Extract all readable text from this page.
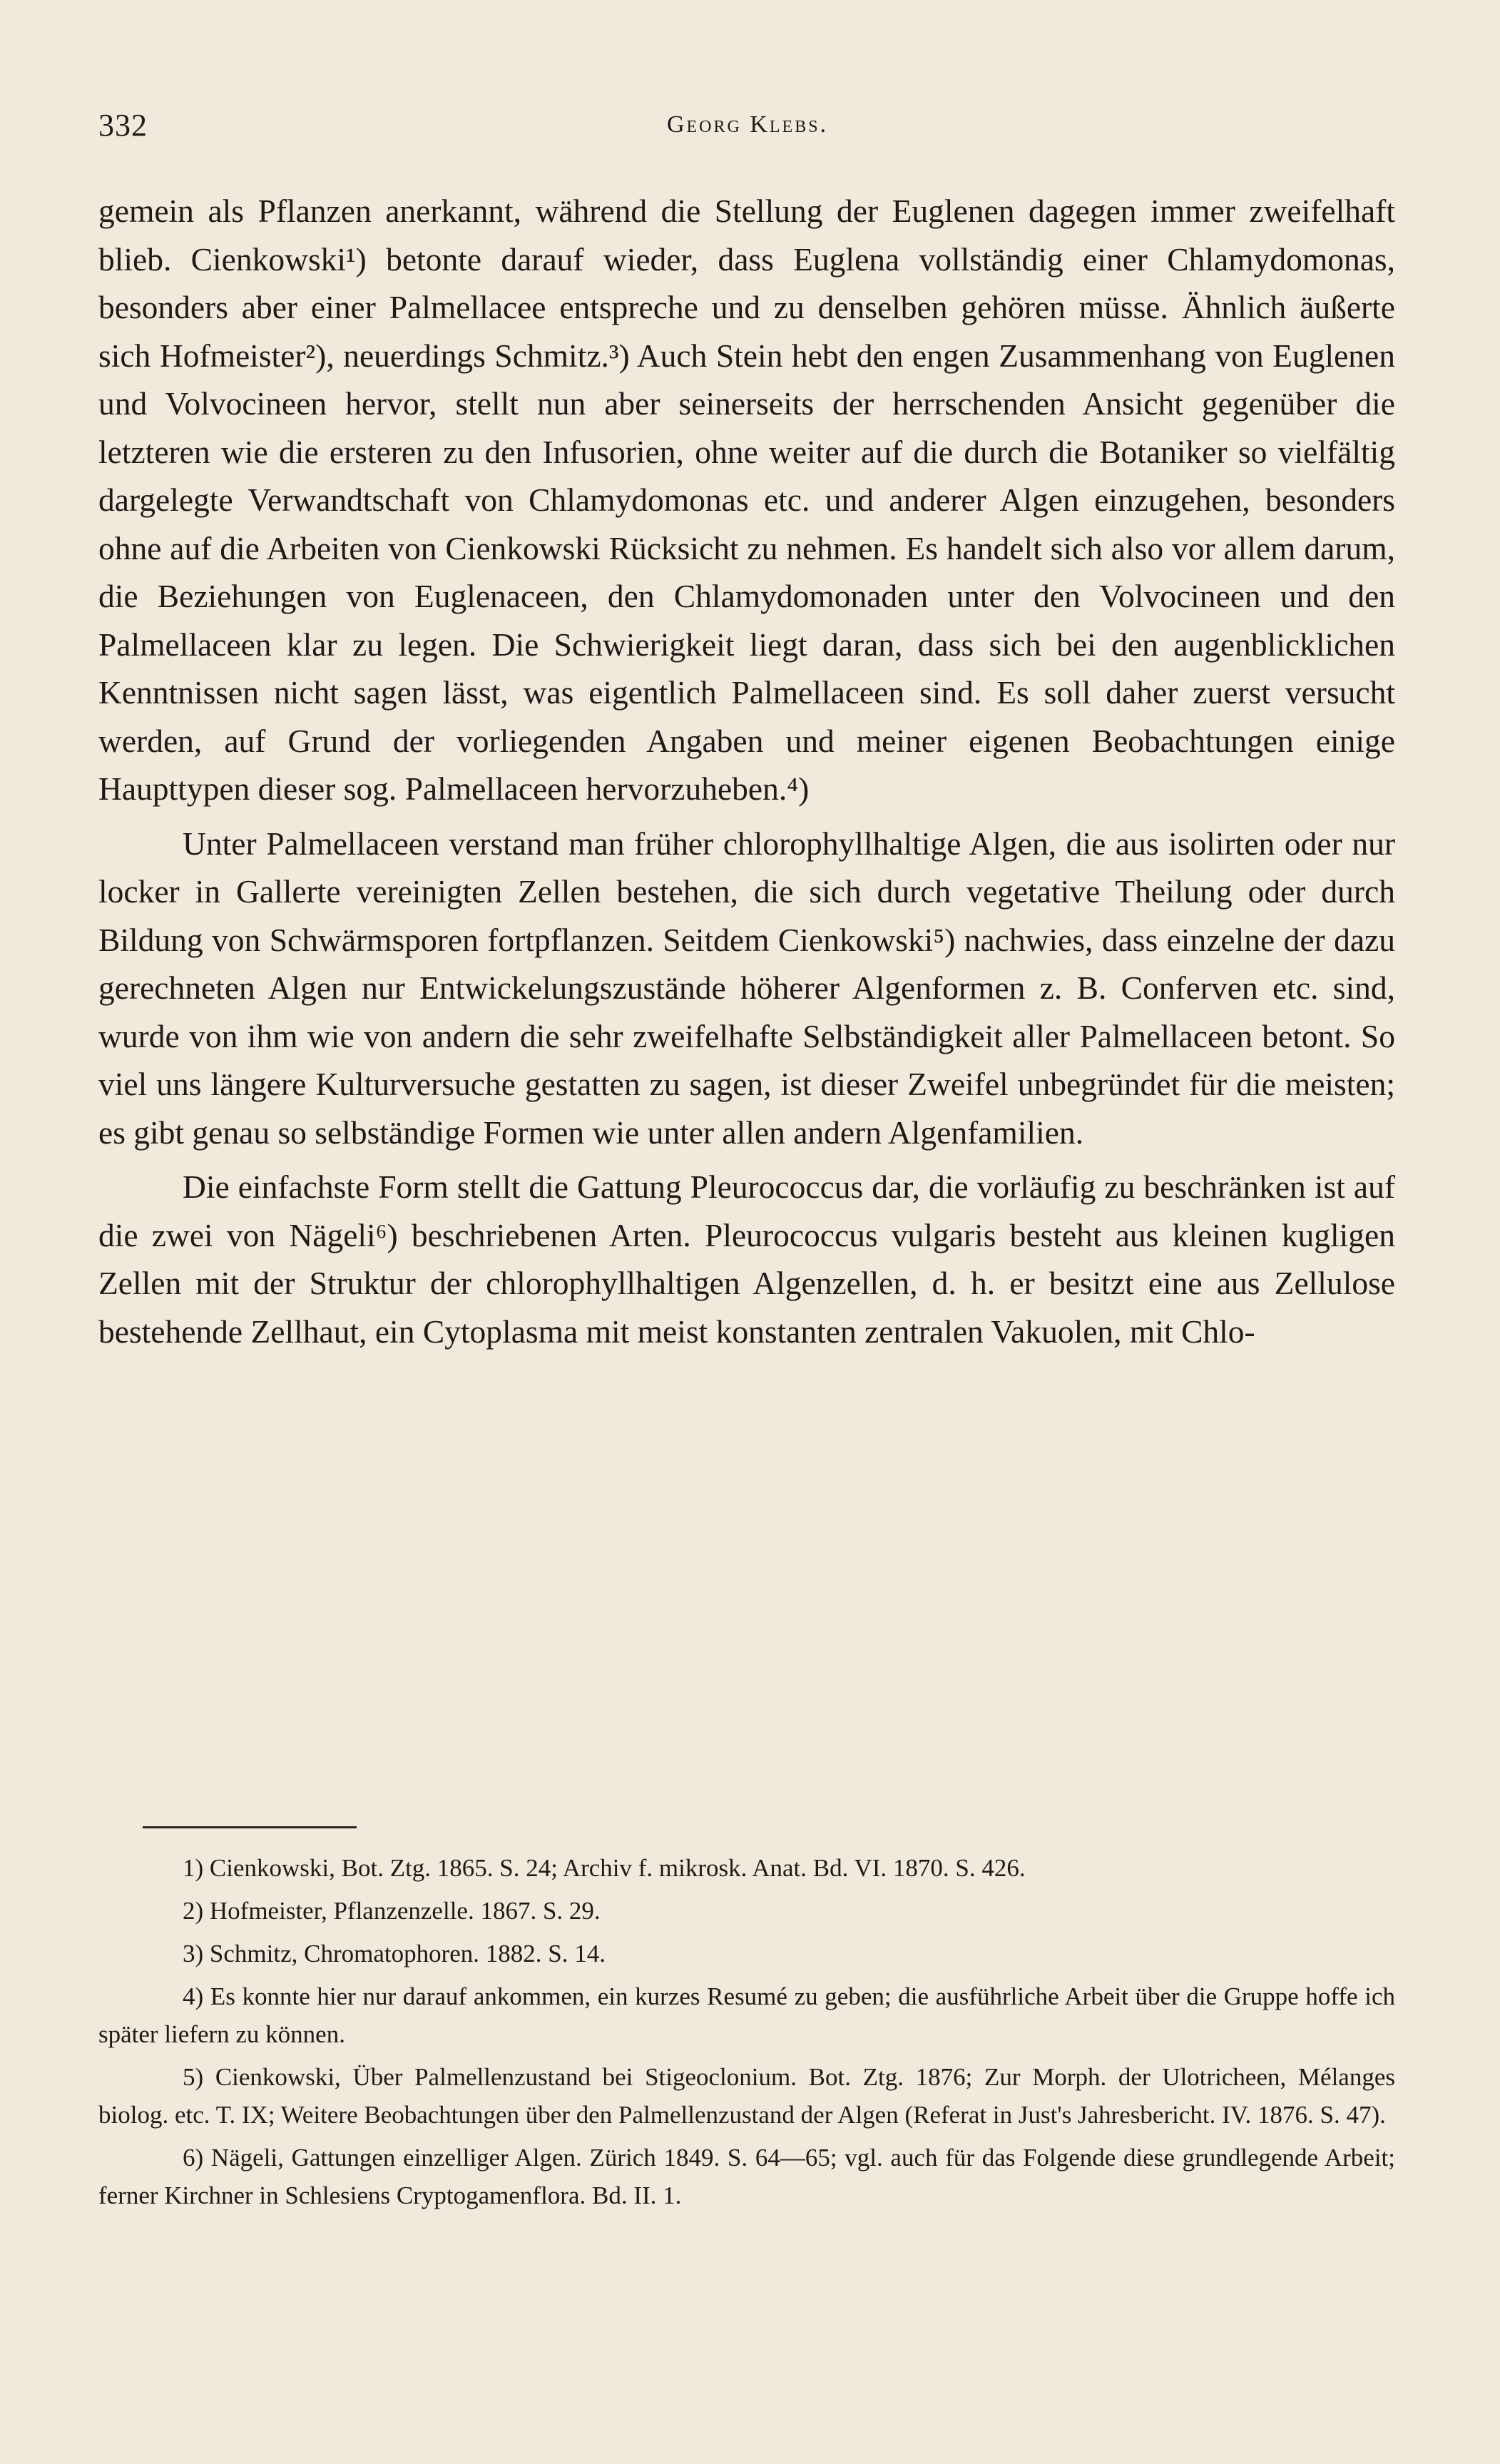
332	Georg Klebs.

gemein als Pflanzen anerkannt, während die Stellung der Euglenen dagegen immer zweifelhaft blieb. Cienkowski¹) betonte darauf wieder, dass Euglena vollständig einer Chlamydomonas, besonders aber einer Palmellacee entspreche und zu denselben gehören müsse. Ähnlich äußerte sich Hofmeister²), neuerdings Schmitz.³) Auch Stein hebt den engen Zusammenhang von Euglenen und Volvocineen hervor, stellt nun aber seinerseits der herrschenden Ansicht gegenüber die letzteren wie die ersteren zu den Infusorien, ohne weiter auf die durch die Botaniker so vielfältig dargelegte Verwandtschaft von Chlamydomonas etc. und anderer Algen einzugehen, besonders ohne auf die Arbeiten von Cienkowski Rücksicht zu nehmen. Es handelt sich also vor allem darum, die Beziehungen von Euglenaceen, den Chlamydomonaden unter den Volvocineen und den Palmellaceen klar zu legen. Die Schwierigkeit liegt daran, dass sich bei den augenblicklichen Kenntnissen nicht sagen lässt, was eigentlich Palmellaceen sind. Es soll daher zuerst versucht werden, auf Grund der vorliegenden Angaben und meiner eigenen Beobachtungen einige Haupttypen dieser sog. Palmellaceen hervorzuheben.⁴)

Unter Palmellaceen verstand man früher chlorophyllhaltige Algen, die aus isolirten oder nur locker in Gallerte vereinigten Zellen bestehen, die sich durch vegetative Theilung oder durch Bildung von Schwärmsporen fortpflanzen. Seitdem Cienkowski⁵) nachwies, dass einzelne der dazu gerechneten Algen nur Entwickelungszustände höherer Algenformen z. B. Conferven etc. sind, wurde von ihm wie von andern die sehr zweifelhafte Selbständigkeit aller Palmellaceen betont. So viel uns längere Kulturversuche gestatten zu sagen, ist dieser Zweifel unbegründet für die meisten; es gibt genau so selbständige Formen wie unter allen andern Algenfamilien.

Die einfachste Form stellt die Gattung Pleurococcus dar, die vorläufig zu beschränken ist auf die zwei von Nägeli⁶) beschriebenen Arten. Pleurococcus vulgaris besteht aus kleinen kugligen Zellen mit der Struktur der chlorophyllhaltigen Algenzellen, d. h. er besitzt eine aus Zellulose bestehende Zellhaut, ein Cytoplasma mit meist konstanten zentralen Vakuolen, mit Chlo-

1) Cienkowski, Bot. Ztg. 1865. S. 24; Archiv f. mikrosk. Anat. Bd. VI. 1870. S. 426.

2) Hofmeister, Pflanzenzelle. 1867. S. 29.

3) Schmitz, Chromatophoren. 1882. S. 14.

4) Es konnte hier nur darauf ankommen, ein kurzes Resumé zu geben; die ausführliche Arbeit über die Gruppe hoffe ich später liefern zu können.

5) Cienkowski, Über Palmellenzustand bei Stigeoclonium. Bot. Ztg. 1876; Zur Morph. der Ulotricheen, Mélanges biolog. etc. T. IX; Weitere Beobachtungen über den Palmellenzustand der Algen (Referat in Just's Jahresbericht. IV. 1876. S. 47).

6) Nägeli, Gattungen einzelliger Algen. Zürich 1849. S. 64—65; vgl. auch für das Folgende diese grundlegende Arbeit; ferner Kirchner in Schlesiens Cryptogamenflora. Bd. II. 1.
